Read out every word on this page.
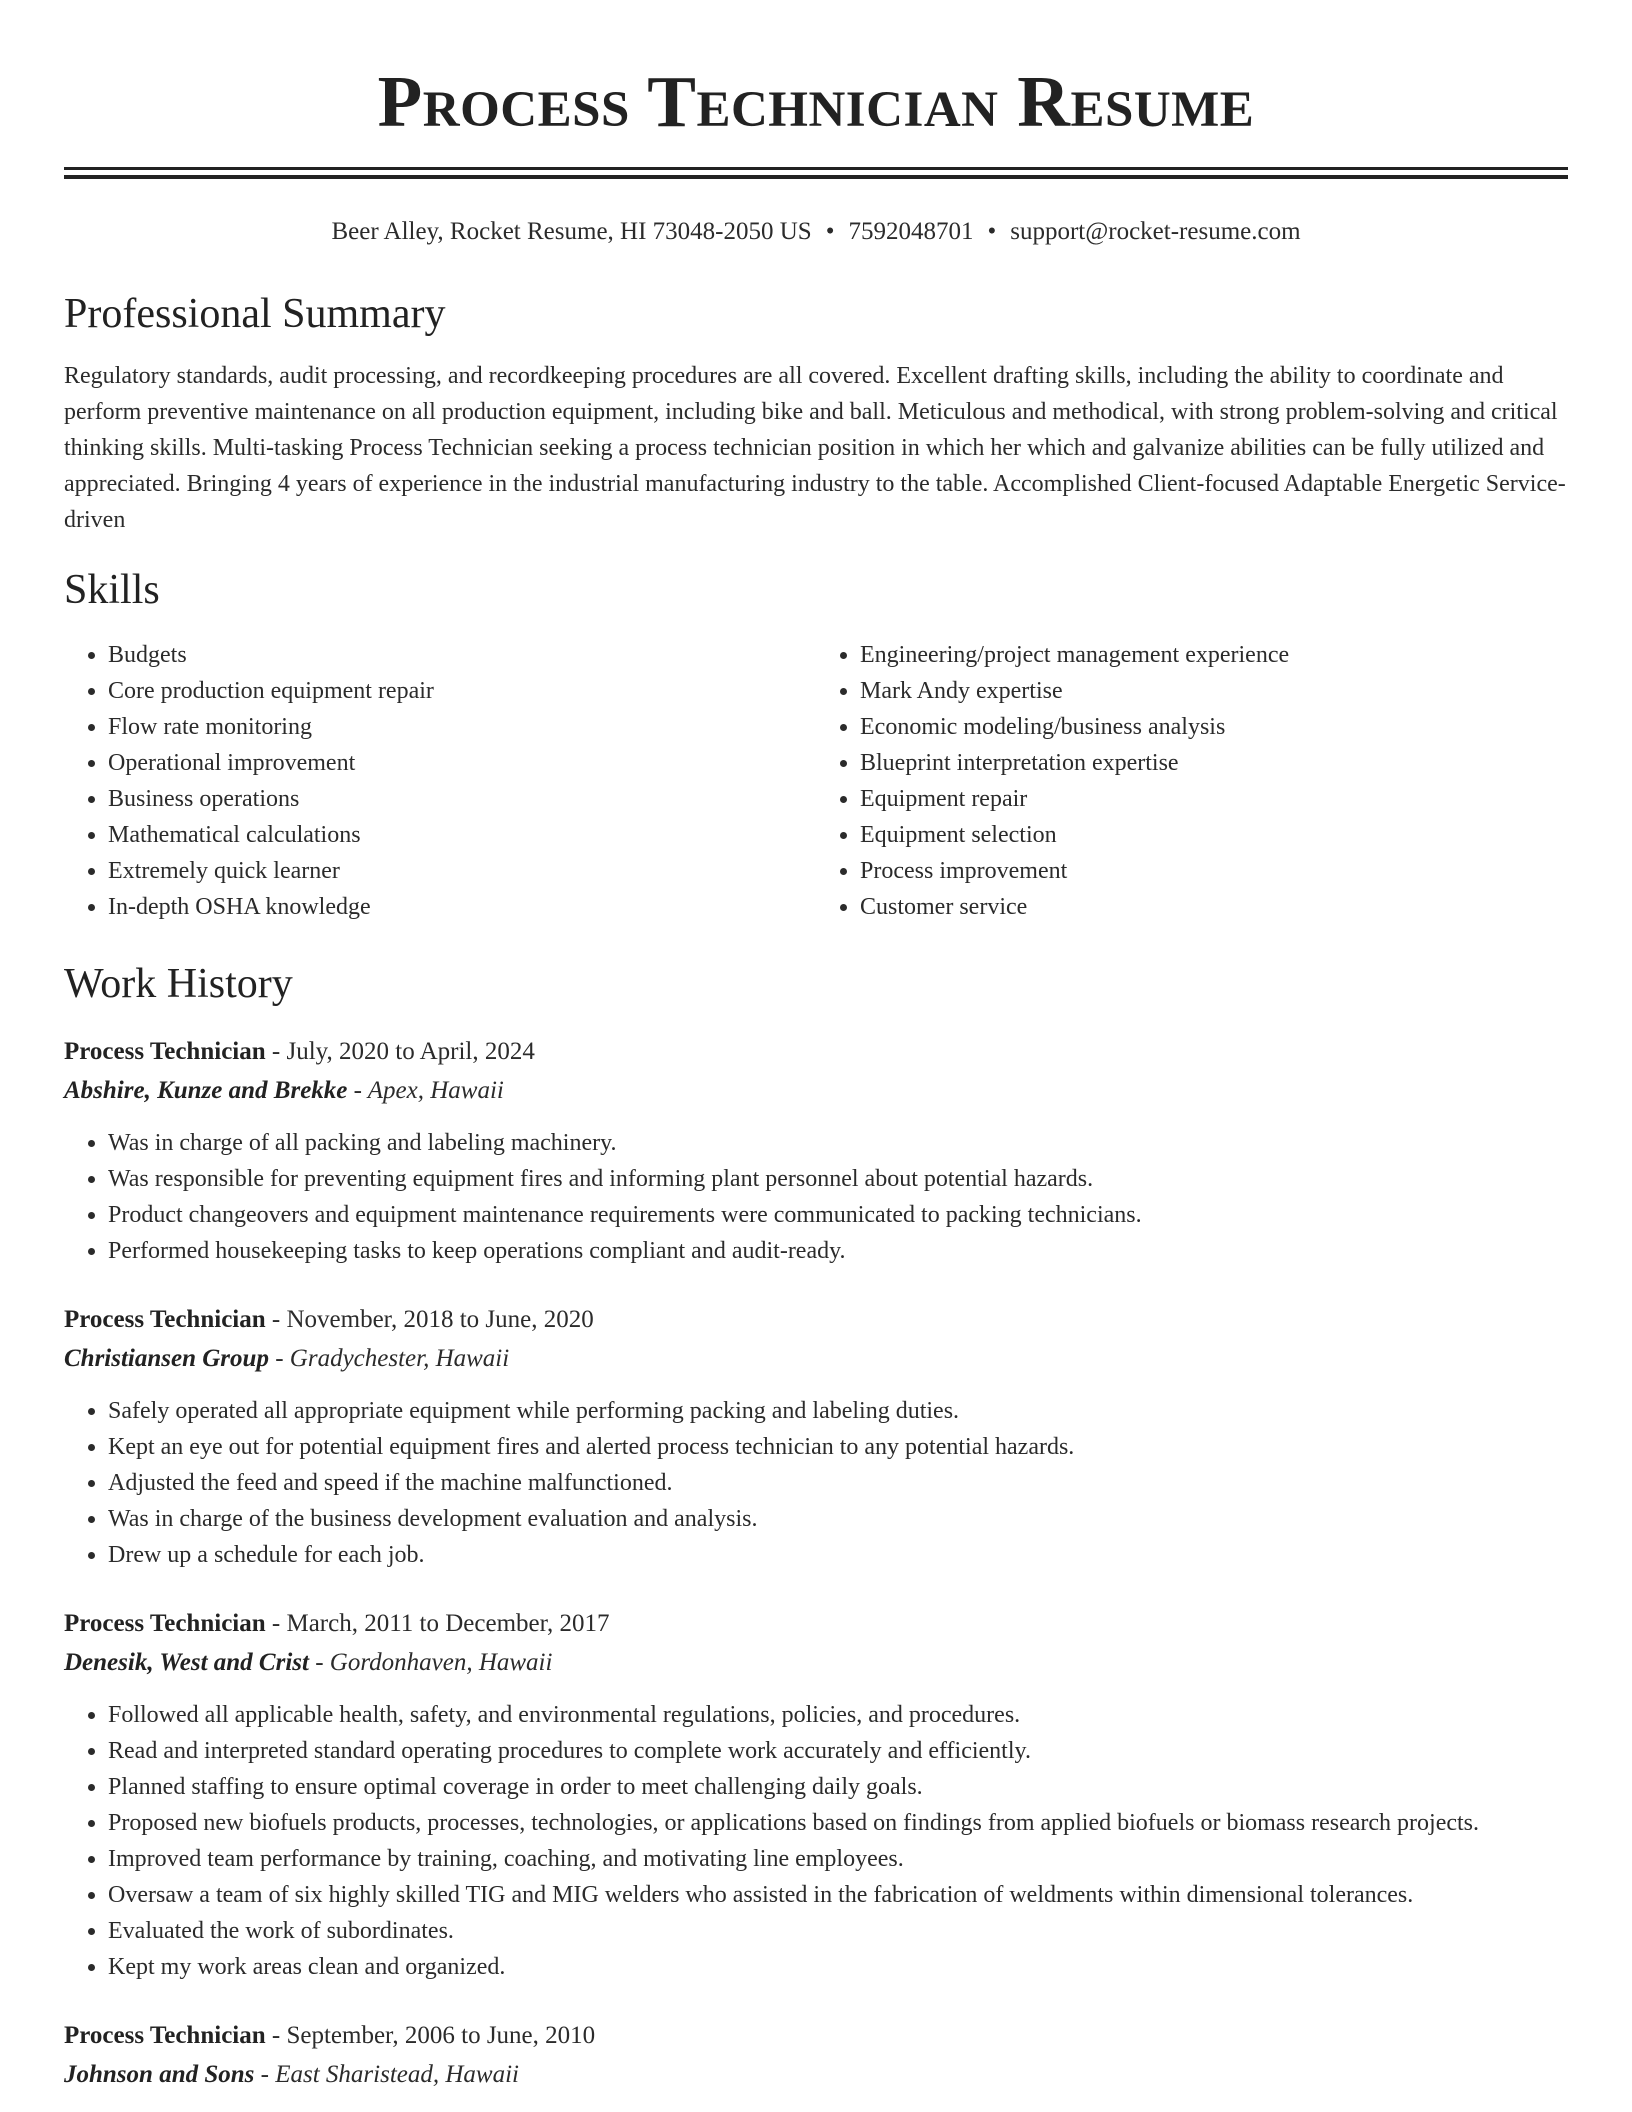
Process Technician Resume
Beer Alley, Rocket Resume, HI 73048-2050 US • 7592048701 • support@rocket-resume.com
Professional Summary

Regulatory standards, audit processing, and recordkeeping procedures are all covered. Excellent drafting skills, including the ability to coordinate and perform preventive maintenance on all production equipment, including bike and ball. Meticulous and methodical, with strong problem-solving and critical thinking skills. Multi-tasking Process Technician seeking a process technician position in which her which and galvanize abilities can be fully utilized and appreciated. Bringing 4 years of experience in the industrial manufacturing industry to the table. Accomplished Client-focused Adaptable Energetic Service-driven

Skills
• Budgets
• Core production equipment repair
• Flow rate monitoring
• Operational improvement
• Business operations
• Mathematical calculations
• Extremely quick learner
• In-depth OSHA knowledge
• Engineering/project management experience
• Mark Andy expertise
• Economic modeling/business analysis
• Blueprint interpretation expertise
• Equipment repair
• Equipment selection
• Process improvement
• Customer service
Work History
Process Technician - July, 2020 to April, 2024
Abshire, Kunze and Brekke - Apex, Hawaii
• Was in charge of all packing and labeling machinery.
• Was responsible for preventing equipment fires and informing plant personnel about potential hazards.
• Product changeovers and equipment maintenance requirements were communicated to packing technicians.
• Performed housekeeping tasks to keep operations compliant and audit-ready.
Process Technician - November, 2018 to June, 2020
Christiansen Group - Gradychester, Hawaii
• Safely operated all appropriate equipment while performing packing and labeling duties.
• Kept an eye out for potential equipment fires and alerted process technician to any potential hazards.
• Adjusted the feed and speed if the machine malfunctioned.
• Was in charge of the business development evaluation and analysis.
• Drew up a schedule for each job.
Process Technician - March, 2011 to December, 2017
Denesik, West and Crist - Gordonhaven, Hawaii
• Followed all applicable health, safety, and environmental regulations, policies, and procedures.
• Read and interpreted standard operating procedures to complete work accurately and efficiently.
• Planned staffing to ensure optimal coverage in order to meet challenging daily goals.
• Proposed new biofuels products, processes, technologies, or applications based on findings from applied biofuels or biomass research projects.
• Improved team performance by training, coaching, and motivating line employees.
• Oversaw a team of six highly skilled TIG and MIG welders who assisted in the fabrication of weldments within dimensional tolerances.
• Evaluated the work of subordinates.
• Kept my work areas clean and organized.
Process Technician - September, 2006 to June, 2010
Johnson and Sons - East Sharistead, Hawaii
